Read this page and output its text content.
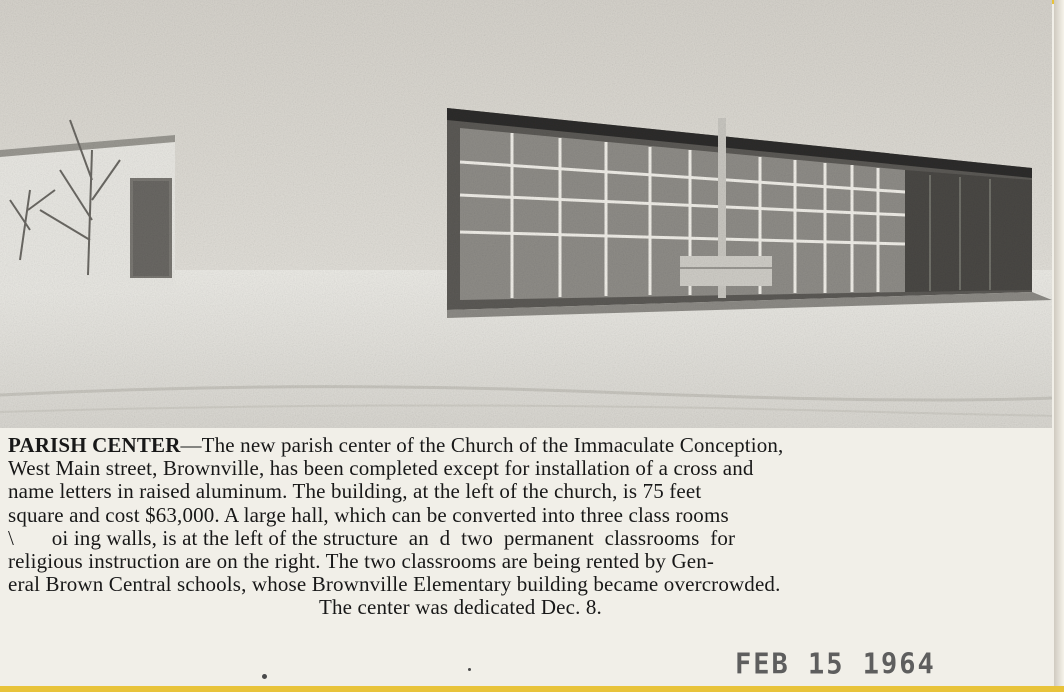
PARISH CENTER—The new parish center of the Church of the Immaculate Conception,
West Main street, Brownville, has been completed except for installation of a cross and
name letters in raised aluminum. The building, at the left of the church, is 75 feet
square and cost $63,000. A large hall, which can be converted into three class rooms
\       oi ing walls, is at the left of the structure  an  d  two  permanent  classrooms  for
religious instruction are on the right. The two classrooms are being rented by Gen-
eral Brown Central schools, whose Brownville Elementary building became overcrowded.
The center was dedicated Dec. 8.
FEB 15 1964
